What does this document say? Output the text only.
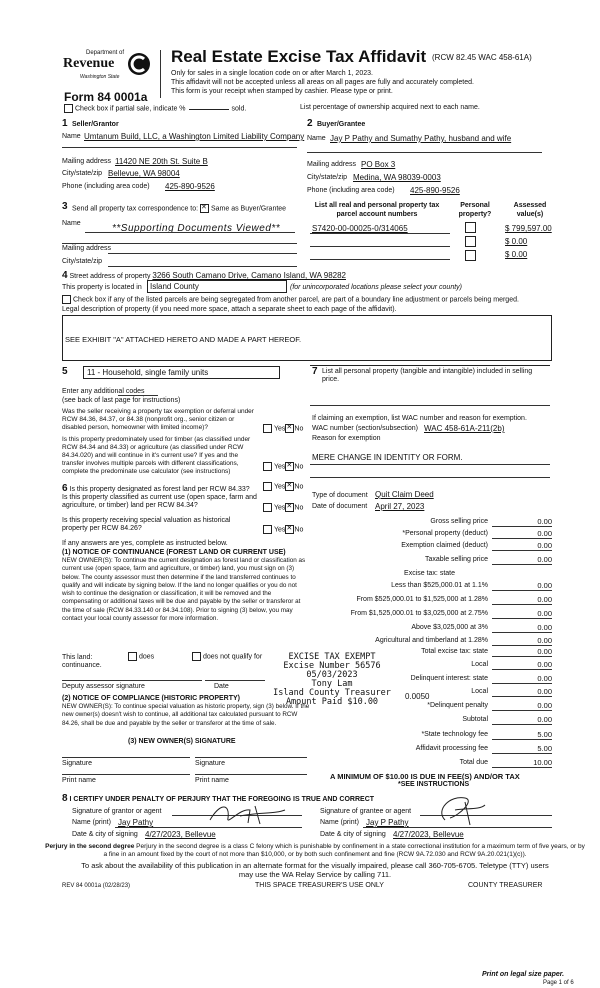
Department of
Revenue
Washington State
Form 84 0001a
Real Estate Excise Tax Affidavit (RCW 82.45 WAC 458-61A)
Only for sales in a single location code on or after March 1, 2023.
This affidavit will not be accepted unless all areas on all pages are fully and accurately completed.
This form is your receipt when stamped by cashier. Please type or print.
Check box if partial sale, indicate %	sold.	List percentage of ownership acquired next to each name.
1 Seller/Grantor
Name Umtanum Build, LLC, a Washington Limited Liability Company
Mailing address 11420 NE 20th St. Suite B
City/state/zip Bellevue, WA 98004
Phone (including area code) 425-890-9526
2 Buyer/Grantee
Name Jay P Pathy and Sumathy Pathy, husband and wife
Mailing address PO Box 3
City/state/zip Medina, WA 98039-0003
Phone (including area code) 425-890-9526
3 Send all property tax correspondence to: ✕ Same as Buyer/Grantee
Name	**Supporting Documents Viewed**
Mailing address
City/state/zip
List all real and personal property tax parcel account numbers
Personal property?
Assessed value(s)
S7420-00-00025-0/314065	$ 799,597.00
$ 0.00
$ 0.00
4 Street address of property 3266 South Camano Drive, Camano Island, WA 98282
This property is located in	Island County	(for unincorporated locations please select your county)
Check box if any of the listed parcels are being segregated from another parcel, are part of a boundary line adjustment or parcels being merged.
Legal description of property (if you need more space, attach a separate sheet to each page of the affidavit).
SEE EXHIBIT "A" ATTACHED HERETO AND MADE A PART HEREOF.
5	11 - Household, single family units
Enter any additional codes
(see back of last page for instructions)
Was the seller receiving a property tax exemption or deferral under RCW 84.36, 84.37, or 84.38 (nonprofit org., senior citizen or disabled person, homeowner with limited income)?	Yes ✕ No
Is this property predominately used for timber (as classified under RCW 84.34 and 84.33) or agriculture (as classified under RCW 84.34.020) and will continue in it's current use? If yes and the transfer involves multiple parcels with different classifications, complete the predominate use calculator (see instructions)
Yes ✕ No
6 Is this property designated as forest land per RCW 84.33?	Yes ✕ No
Is this property classified as current use (open space, farm and agriculture, or timber) land per RCW 84.34?	Yes ✕ No
Is this property receiving special valuation as historical property per RCW 84.26?	Yes ✕ No
If any answers are yes, complete as instructed below.
(1) NOTICE OF CONTINUANCE (FOREST LAND OR CURRENT USE)
NEW OWNER(S): To continue the current designation as forest land or classification as current use (open space, farm and agriculture, or timber) land, you must sign on (3) below. The county assessor must then determine if the land transferred continues to qualify and will indicate by signing below. If the land no longer qualifies or you do not wish to continue the designation or classification, it will be removed and the compensating or additional taxes will be due and payable by the seller or transferor at the time of sale (RCW 84.33.140 or 84.34.108). Prior to signing (3) below, you may contact your local county assessor for more information.
This land:
continuance.
does	does not qualify for
Deputy assessor signature	Date
(2) NOTICE OF COMPLIANCE (HISTORIC PROPERTY)
NEW OWNER(S): To continue special valuation as historic property, sign (3) below. If the new owner(s) doesn't wish to continue, all additional tax calculated pursuant to RCW 84.26, shall be due and payable by the seller or transferor at the time of sale.
(3) NEW OWNER(S) SIGNATURE
Signature	Signature
Print name	Print name
7 List all personal property (tangible and intangible) included in selling price.
If claiming an exemption, list WAC number and reason for exemption.
WAC number (section/subsection) WAC 458-61A-211(2b)
Reason for exemption
MERE CHANGE IN IDENTITY OR FORM.
Type of document Quit Claim Deed
Date of document April 27, 2023
Gross selling price	0.00
*Personal property (deduct)	0.00
Exemption claimed (deduct)	0.00
Taxable selling price	0.00
Excise tax: state
Less than $525,000.01 at 1.1%	0.00
From $525,000.01 to $1,525,000 at 1.28%	0.00
From $1,525,000.01 to $3,025,000 at 2.75%	0.00
Above $3,025,000 at 3%	0.00
Agricultural and timberland at 1.28%	0.00
Total excise tax: state	0.00
Local	0.00
Delinquent interest: state	0.00
Local	0.00
*Delinquent penalty	0.00
Subtotal	0.00
*State technology fee	5.00
Affidavit processing fee	5.00
Total due	10.00
0.0050
A MINIMUM OF $10.00 IS DUE IN FEE(S) AND/OR TAX
*SEE INSTRUCTIONS
EXCISE TAX EXEMPT
Excise Number 56576
05/03/2023
Tony Lam
Island County Treasurer
Amount Paid $10.00
8 I CERTIFY UNDER PENALTY OF PERJURY THAT THE FOREGOING IS TRUE AND CORRECT
Signature of grantor or agent
Name (print) Jay Pathy
Date & city of signing 4/27/2023, Bellevue
Signature of grantee or agent
Name (print) Jay P Pathy
Date & city of signing 4/27/2023, Bellevue
Perjury in the second degree Perjury in the second degree is a class C felony which is punishable by confinement in a state correctional institution for a maximum term of five years, or by a fine in an amount fixed by the court of not more than $10,000, or by both such confinement and fine (RCW 9A.72.030 and RCW 9A.20.021(1)(c)).
To ask about the availability of this publication in an alternate format for the visually impaired, please call 360-705-6705. Teletype (TTY) users may use the WA Relay Service by calling 711.
REV 84 0001a (02/28/23)	THIS SPACE TREASURER'S USE ONLY	COUNTY TREASURER
Print on legal size paper.
Page 1 of 6
